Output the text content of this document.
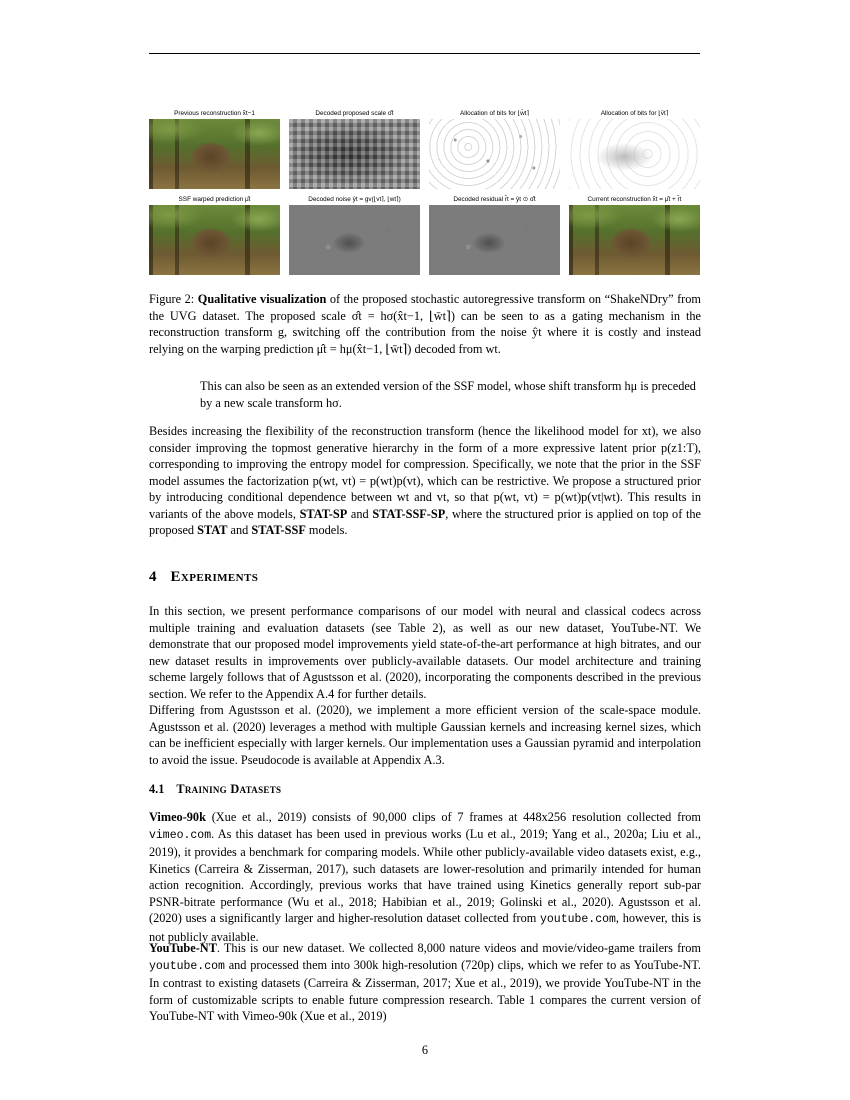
Previous reconstruction x̂t−1	Decoded proposed scale σ̂t	Allocation of bits for ⌊w̄t⌉	Allocation of bits for ⌊v̄t⌉
SSF warped prediction μ̂t	Decoded noise ŷt = gv(⌊vt⌉, ⌊wt⌉)	Decoded residual r̂t = ŷt ⊙ σ̂t	Current reconstruction x̂t = μ̂t + r̂t

Figure 2: Qualitative visualization of the proposed stochastic autoregressive transform on “ShakeNDry” from the UVG dataset. The proposed scale σ̂t = hσ(x̂t−1, ⌊w̄t⌉) can be seen to as a gating mechanism in the reconstruction transform g, switching off the contribution from the noise ŷt where it is costly and instead relying on the warping prediction μ̂t = hμ(x̂t−1, ⌊w̄t⌉) decoded from wt.

This can also be seen as an extended version of the SSF model, whose shift transform hμ is preceded by a new scale transform hσ.

Besides increasing the flexibility of the reconstruction transform (hence the likelihood model for xt), we also consider improving the topmost generative hierarchy in the form of a more expressive latent prior p(z1:T), corresponding to improving the entropy model for compression. Specifically, we note that the prior in the SSF model assumes the factorization p(wt, vt) = p(wt)p(vt), which can be restrictive. We propose a structured prior by introducing conditional dependence between wt and vt, so that p(wt, vt) = p(wt)p(vt|wt). This results in variants of the above models, STAT-SP and STAT-SSF-SP, where the structured prior is applied on top of the proposed STAT and STAT-SSF models.

4 Experiments

In this section, we present performance comparisons of our model with neural and classical codecs across multiple training and evaluation datasets (see Table 2), as well as our new dataset, YouTube-NT. We demonstrate that our proposed model improvements yield state-of-the-art performance at high bitrates, and our new dataset results in improvements over publicly-available datasets. Our model architecture and training scheme largely follows that of Agustsson et al. (2020), incorporating the components described in the previous section. We refer to the Appendix A.4 for further details.

Differing from Agustsson et al. (2020), we implement a more efficient version of the scale-space module. Agustsson et al. (2020) leverages a method with multiple Gaussian kernels and increasing kernel sizes, which can be inefficient especially with larger kernels. Our implementation uses a Gaussian pyramid and interpolation to avoid the issue. Pseudocode is available at Appendix A.3.

4.1 Training Datasets

Vimeo-90k (Xue et al., 2019) consists of 90,000 clips of 7 frames at 448x256 resolution collected from vimeo.com. As this dataset has been used in previous works (Lu et al., 2019; Yang et al., 2020a; Liu et al., 2019), it provides a benchmark for comparing models. While other publicly-available video datasets exist, e.g., Kinetics (Carreira & Zisserman, 2017), such datasets are lower-resolution and primarily intended for human action recognition. Accordingly, previous works that have trained using Kinetics generally report sub-par PSNR-bitrate performance (Wu et al., 2018; Habibian et al., 2019; Golinski et al., 2020). Agustsson et al. (2020) uses a significantly larger and higher-resolution dataset collected from youtube.com, however, this is not publicly available.

YouTube-NT. This is our new dataset. We collected 8,000 nature videos and movie/video-game trailers from youtube.com and processed them into 300k high-resolution (720p) clips, which we refer to as YouTube-NT. In contrast to existing datasets (Carreira & Zisserman, 2017; Xue et al., 2019), we provide YouTube-NT in the form of customizable scripts to enable future compression research. Table 1 compares the current version of YouTube-NT with Vimeo-90k (Xue et al., 2019)

6
